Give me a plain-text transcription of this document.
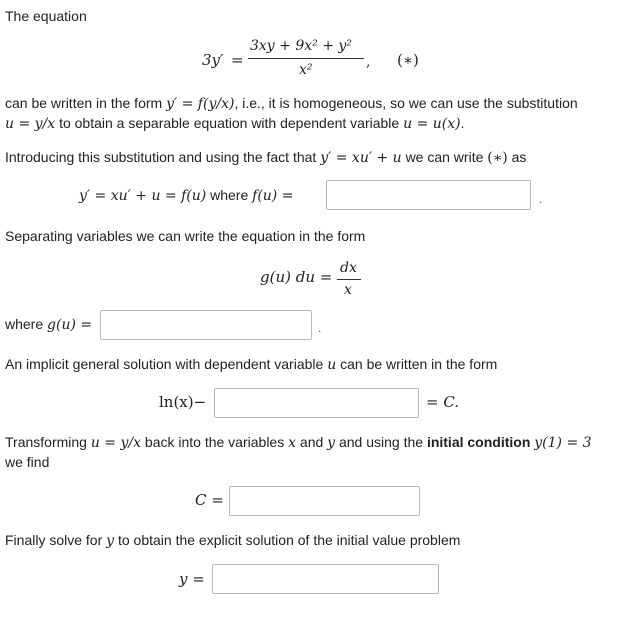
The equation
3y′ =
3xy + 9x² + y²
x²	, (∗)
can be written in the form y′ = f(y/x), i.e., it is homogeneous, so we can use the substitution
u = y/x to obtain a separable equation with dependent variable u = u(x).
Introducing this substitution and using the fact that y′ = xu′ + u we can write (∗) as
y′ = xu′ + u = f(u) where f(u) =	.
Separating variables we can write the equation in the form
g(u) du = dx
x
where g(u) =	.
An implicit general solution with dependent variable u can be written in the form
ln(x)−	= C.
Transforming u = y/x back into the variables x and y and using the initial condition y(1) = 3
we find
C =
Finally solve for y to obtain the explicit solution of the initial value problem
y =
